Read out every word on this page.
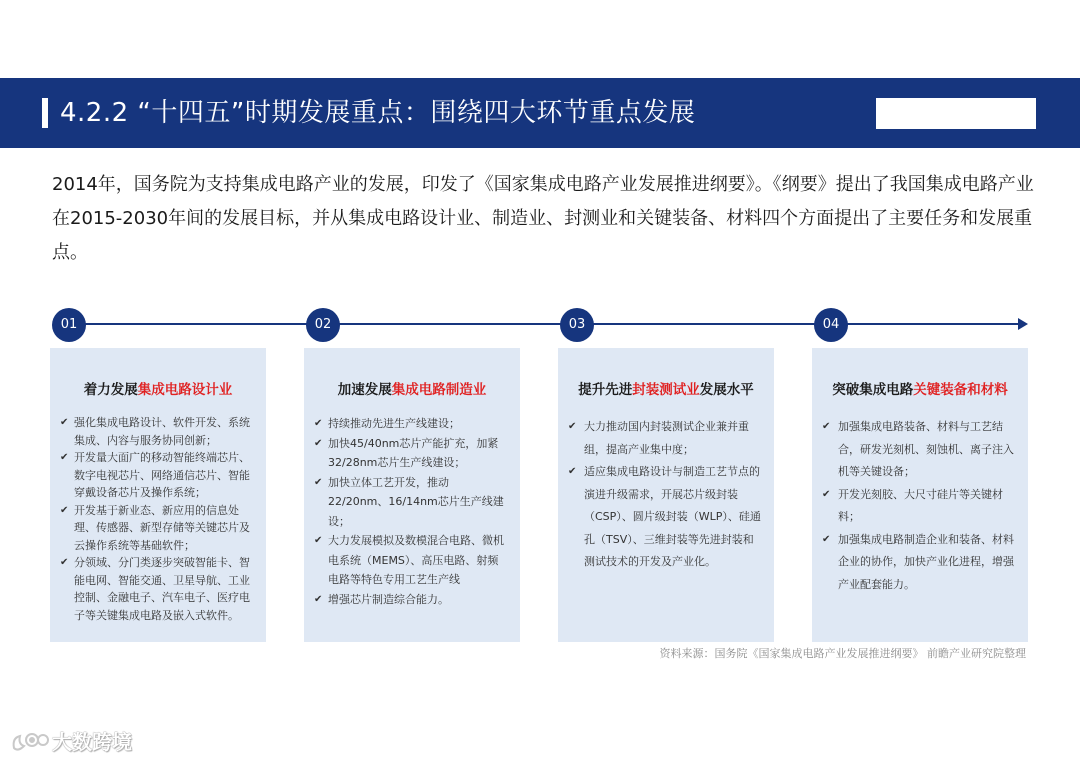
4.2.2 “十四五”时期发展重点：围绕四大环节重点发展

2014年，国务院为支持集成电路产业的发展，印发了《国家集成电路产业发展推进纲要》。《纲要》提出了我国集成电路产业在2015-2030年间的发展目标，并从集成电路设计业、制造业、封测业和关键装备、材料四个方面提出了主要任务和发展重点。

01	02	03	04
着力发展集成电路设计业
✔ 强化集成电路设计、软件开发、系统集成、内容与服务协同创新；
✔ 开发量大面广的移动智能终端芯片、数字电视芯片、网络通信芯片、智能穿戴设备芯片及操作系统；
✔ 开发基于新业态、新应用的信息处理、传感器、新型存储等关键芯片及云操作系统等基础软件；
✔ 分领域、分门类逐步突破智能卡、智能电网、智能交通、卫星导航、工业控制、金融电子、汽车电子、医疗电子等关键集成电路及嵌入式软件。
加速发展集成电路制造业
✔ 持续推动先进生产线建设；
✔ 加快45/40nm芯片产能扩充，加紧32/28nm芯片生产线建设；
✔ 加快立体工艺开发，推动22/20nm、16/14nm芯片生产线建设；
✔ 大力发展模拟及数模混合电路、微机电系统（MEMS）、高压电路、射频电路等特色专用工艺生产线
✔ 增强芯片制造综合能力。
提升先进封装测试业发展水平
✔ 大力推动国内封装测试企业兼并重组，提高产业集中度；
✔ 适应集成电路设计与制造工艺节点的演进升级需求，开展芯片级封装（CSP）、圆片级封装（WLP）、硅通孔（TSV）、三维封装等先进封装和测试技术的开发及产业化。
突破集成电路关键装备和材料
✔ 加强集成电路装备、材料与工艺结合，研发光刻机、刻蚀机、离子注入机等关键设备；
✔ 开发光刻胶、大尺寸硅片等关键材料；
✔ 加强集成电路制造企业和装备、材料企业的协作，加快产业化进程，增强产业配套能力。
资料来源：国务院《国家集成电路产业发展推进纲要》 前瞻产业研究院整理
大数跨境
